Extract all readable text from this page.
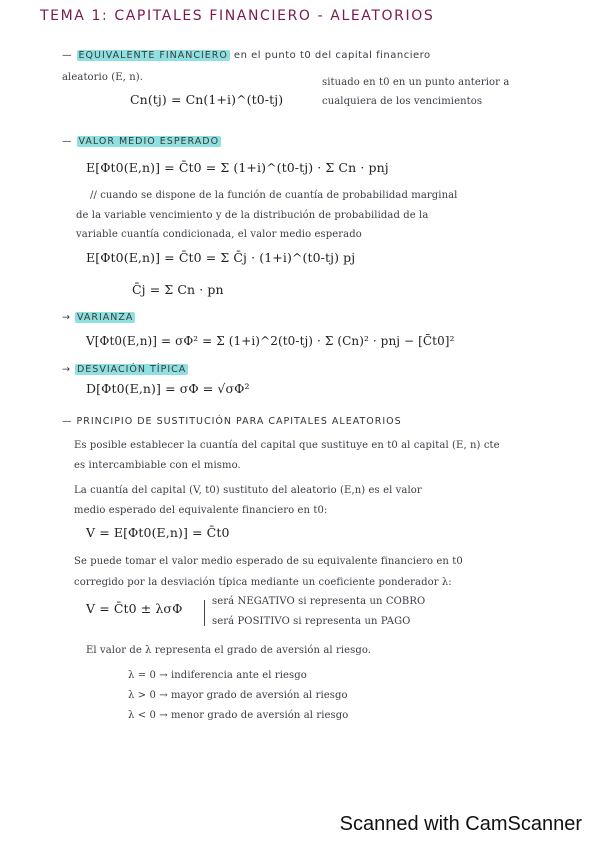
TEMA 1: CAPITALES FINANCIERO - ALEATORIOS
— EQUIVALENTE FINANCIERO en el punto t0 del capital financiero
aleatorio (E, n).
Cn(tj) = Cn(1+i)^(t0-tj)
situado en t0 en un punto anterior a
cualquiera de los vencimientos
— VALOR MEDIO ESPERADO
E[Φt0(E,n)] = C̄t0 = Σ (1+i)^(t0-tj) · Σ Cn · pnj
// cuando se dispone de la función de cuantía de probabilidad marginal
de la variable vencimiento y de la distribución de probabilidad de la
variable cuantía condicionada, el valor medio esperado
E[Φt0(E,n)] = C̄t0 = Σ C̄j · (1+i)^(t0-tj) pj
C̄j = Σ Cn · pn
→ VARIANZA
V[Φt0(E,n)] = σΦ² = Σ (1+i)^2(t0-tj) · Σ (Cn)² · pnj − [C̄t0]²
→ DESVIACIÓN TÍPICA
D[Φt0(E,n)] = σΦ = √σΦ²
— PRINCIPIO DE SUSTITUCIÓN PARA CAPITALES ALEATORIOS
Es posible establecer la cuantía del capital que sustituye en t0 al capital (E, n) cte
es intercambiable con el mismo.
La cuantía del capital (V, t0) sustituto del aleatorio (E,n) es el valor
medio esperado del equivalente financiero en t0:
V = E[Φt0(E,n)] = C̄t0
Se puede tomar el valor medio esperado de su equivalente financiero en t0
corregido por la desviación típica mediante un coeficiente ponderador λ:
V = C̄t0 ± λσΦ	será NEGATIVO si representa un COBRO
será POSITIVO si representa un PAGO
El valor de λ representa el grado de aversión al riesgo.
λ = 0 → indiferencia ante el riesgo
λ > 0 → mayor grado de aversión al riesgo
λ < 0 → menor grado de aversión al riesgo
Scanned with CamScanner
